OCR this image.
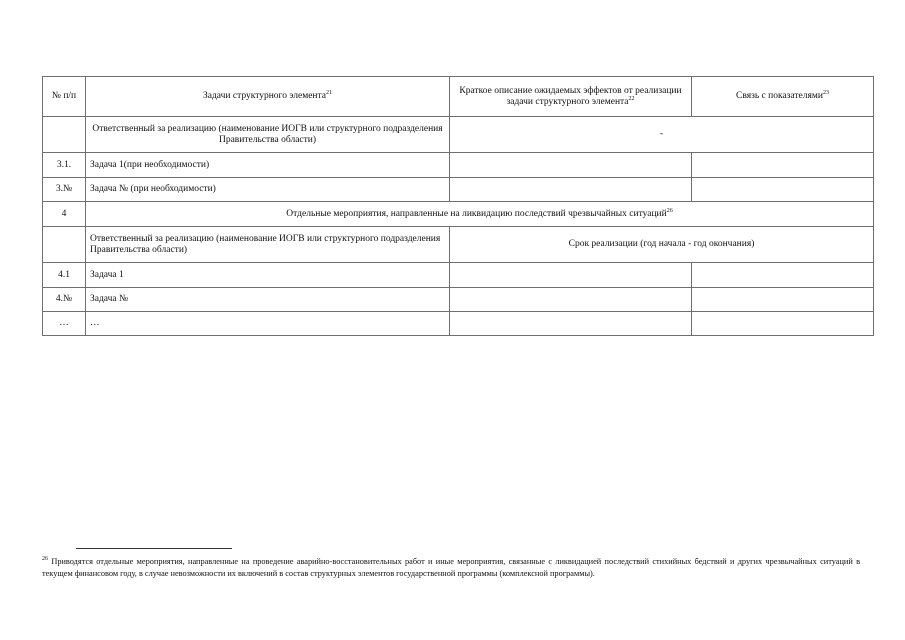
№ п/п	Задачи структурного элемента$^{21}$	Краткое описание ожидаемых эффектов от реализации задачи структурного элемента$^{22}$	Связь с показателями$^{23}$
	Ответственный за реализацию (наименование ИОГВ или структурного подразделения Правительства области)	-	
3.1.	Задача 1(при необходимости)		
3.№	Задача № (при необходимости)		
4	Отдельные мероприятия, направленные на ликвидацию последствий чрезвычайных ситуаций$^{26}$
	Ответственный за реализацию (наименование ИОГВ или структурного подразделения Правительства области)	Срок реализации (год начала - год окончания)	
4.1	Задача 1		
4.№	Задача №		
…	…		
$^{26}$ Приводятся отдельные мероприятия, направленные на проведение аварийно-восстановительных работ и иные мероприятия, связанные с ликвидацией последствий стихийных бедствий и других чрезвычайных ситуаций в текущем финансовом году, в случае невозможности их включений в состав структурных элементов государственной программы (комплексной программы).
